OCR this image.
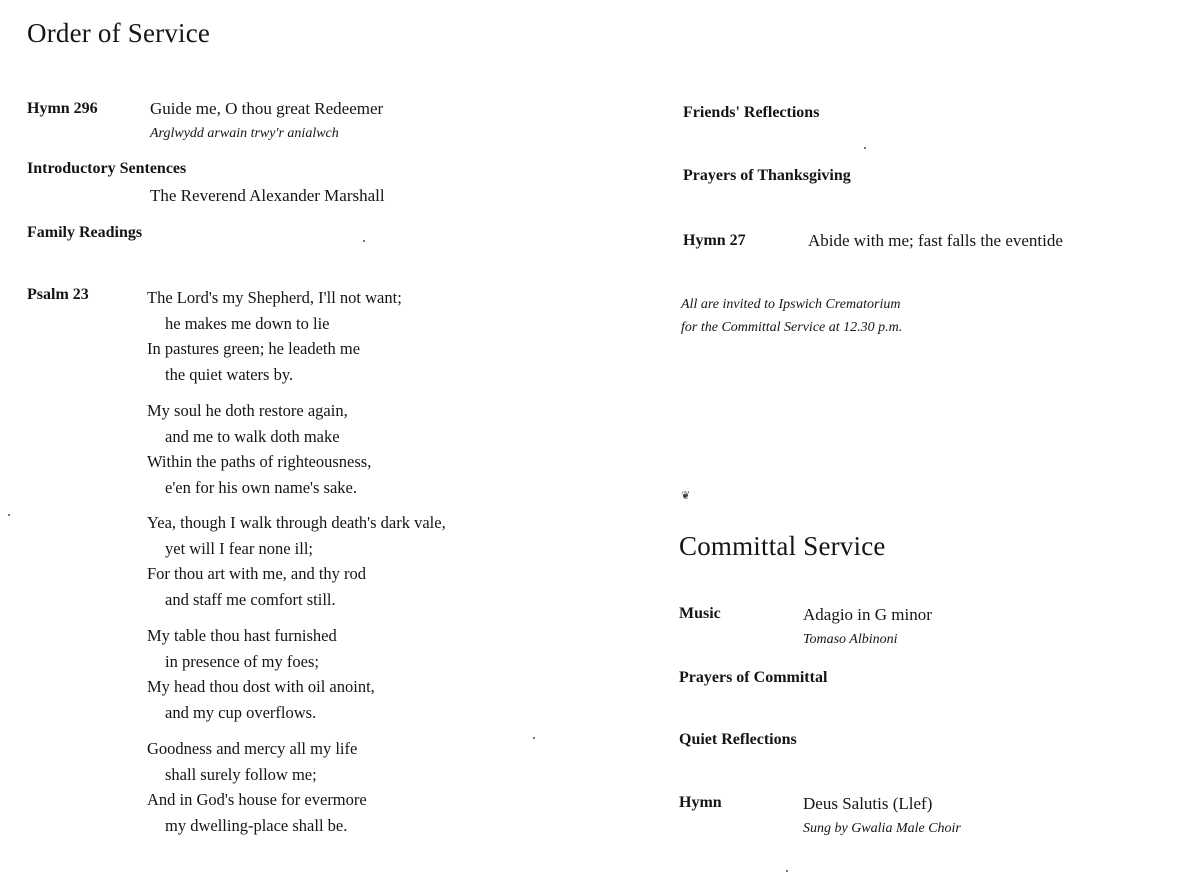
Order of Service
Hymn 296	Guide me, O thou great Redeemer
Arglwydd arwain trwy'r anialwch
Introductory Sentences
The Reverend Alexander Marshall
Family Readings
Psalm 23	The Lord's my Shepherd, I'll not want;
he makes me down to lie
In pastures green; he leadeth me
the quiet waters by.
My soul he doth restore again,
and me to walk doth make
Within the paths of righteousness,
e'en for his own name's sake.
Yea, though I walk through death's dark vale,
yet will I fear none ill;
For thou art with me, and thy rod
and staff me comfort still.
My table thou hast furnished
in presence of my foes;
My head thou dost with oil anoint,
and my cup overflows.
Goodness and mercy all my life
shall surely follow me;
And in God's house for evermore
my dwelling-place shall be.
Friends' Reflections
Prayers of Thanksgiving
Hymn 27	Abide with me; fast falls the eventide
All are invited to Ipswich Crematorium
for the Committal Service at 12.30 p.m.
❦
Committal Service
Music	Adagio in G minor
Tomaso Albinoni
Prayers of Committal
Quiet Reflections
Hymn	Deus Salutis (Llef)
Sung by Gwalia Male Choir
